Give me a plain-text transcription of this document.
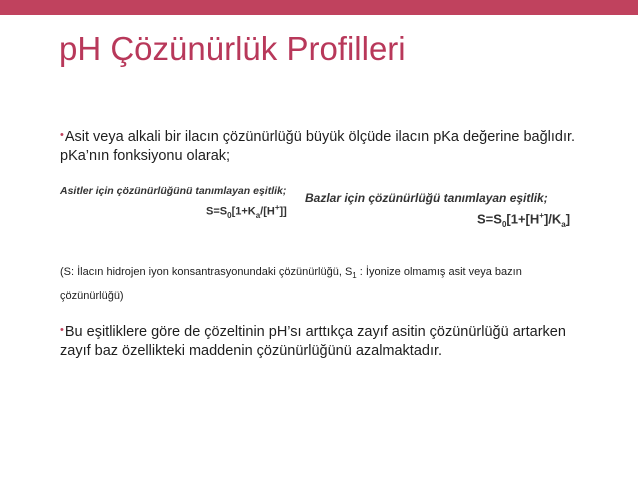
pH Çözünürlük Profilleri
•Asit veya alkali bir ilacın çözünürlüğü büyük ölçüde ilacın pKa değerine bağlıdır. pKa’nın fonksiyonu olarak;
Asitler için çözünürlüğünü tanımlayan eşitlik;
$S=S_0[1+K_a/[H^+]]$
Bazlar için çözünürlüğü tanımlayan eşitlik;
$S=S_0[1+[H^+]/K_a]$
(S: İlacın hidrojen iyon konsantrasyonundaki çözünürlüğü, $S_1$ : İyonize olmamış asit veya bazın çözünürlüğü)
•Bu eşitliklere göre de çözeltinin pH’sı arttıkça zayıf asitin çözünürlüğü artarken zayıf baz özellikteki maddenin çözünürlüğünü azalmaktadır.
